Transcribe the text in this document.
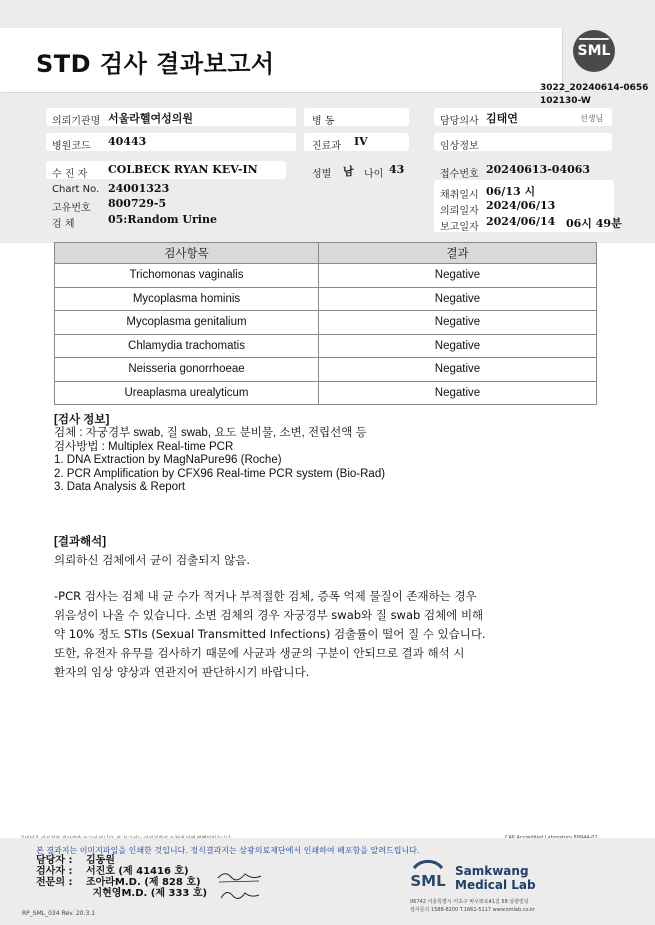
STD 검사 결과보고서	SML
3022_20240614-0656
102130-W
의뢰기관명 서울라헬여성의원	병 동	담당의사 김태연	선생님
병원코드 40443	진료과 IV	임상정보
수 진 자 COLBECK RYAN KEV-IN	성별 남 나이 43	접수번호 20240613-04063
Chart No. 24001323
고유번호 800729-5
검 체	05:Random Urine
채취일시 06/13 시
의뢰일자 2024/06/13
보고일자 2024/06/14 06시 49분
검사항목	결과
Trichomonas vaginalis	Negative
Mycoplasma hominis	Negative
Mycoplasma genitalium	Negative
Chlamydia trachomatis	Negative
Neisseria gonorrhoeae	Negative
Ureaplasma urealyticum	Negative
[검사 정보]
검체 : 자궁경부 swab, 질 swab, 요도 분비물, 소변, 전립선액 등
검사방법 : Multiplex Real-time PCR
1. DNA Extraction by MagNaPure96 (Roche)
2. PCR Amplification by CFX96 Real-time PCR system (Bio-Rad)
3. Data Analysis & Report
[결과해석]
의뢰하신 검체에서 균이 검출되지 않음.
-PCR 검사는 검체 내 균 수가 적거나 부적절한 검체, 증폭 억제 물질이 존재하는 경우
위음성이 나올 수 있습니다. 소변 검체의 경우 자궁경부 swab와 질 swab 검체에 비해
약 10% 정도 STIs (Sexual Transmitted Infections) 검출률이 떨어 질 수 있습니다.
또한, 유전자 유무를 검사하기 때문에 사균과 생균의 구분이 안되므로 결과 해석 시
환자의 임상 양상과 연관지어 판단하시기 바랍니다.
본 결과지는 이미지파일을 인쇄한 것입니다. 정식결과지는 삼광의료재단에서 인쇄하여 배포함을 알려드립니다.
담당자 : 김동원
검사자 : 서진호 (제 41416 호)
전문의 : 조아라M.D. (제 828 호)
지현영M.D. (제 333 호)
SML
Samkwang
Medical Lab
06742 서울특별시 서초구 바우뫼로41길 58 삼광빌딩
검사문의 1588-8200 T.1661-5117 www.smlab.co.kr
RP_SML_034 Rev. 20.3.1
